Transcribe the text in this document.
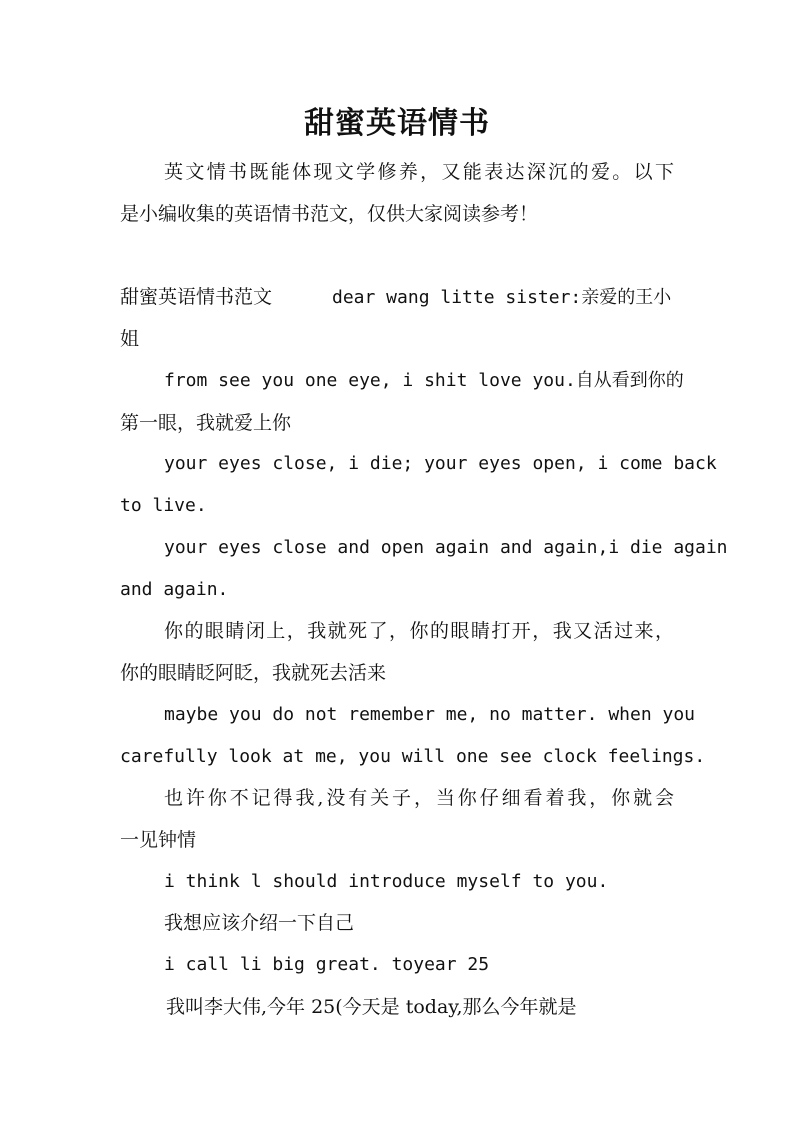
甜蜜英语情书
英文情书既能体现文学修养，又能表达深沉的爱。以下
是小编收集的英语情书范文，仅供大家阅读参考！
甜蜜英语情书范文	dear wang litte sister:亲爱的王小
姐
from see you one eye, i shit love you.自从看到你的
第一眼，我就爱上你
your eyes close, i die; your eyes open, i come back
to live.
your eyes close and open again and again,i die again
and again.
你的眼睛闭上，我就死了，你的眼睛打开，我又活过来，
你的眼睛眨阿眨，我就死去活来
maybe you do not remember me, no matter. when you
carefully look at me, you will one see clock feelings.
也许你不记得我,没有关子，当你仔细看着我，你就会
一见钟情
i think l should introduce myself to you.
我想应该介绍一下自己
i call li big great. toyear 25
我叫李大伟,今年 25(今天是 today,那么今年就是
